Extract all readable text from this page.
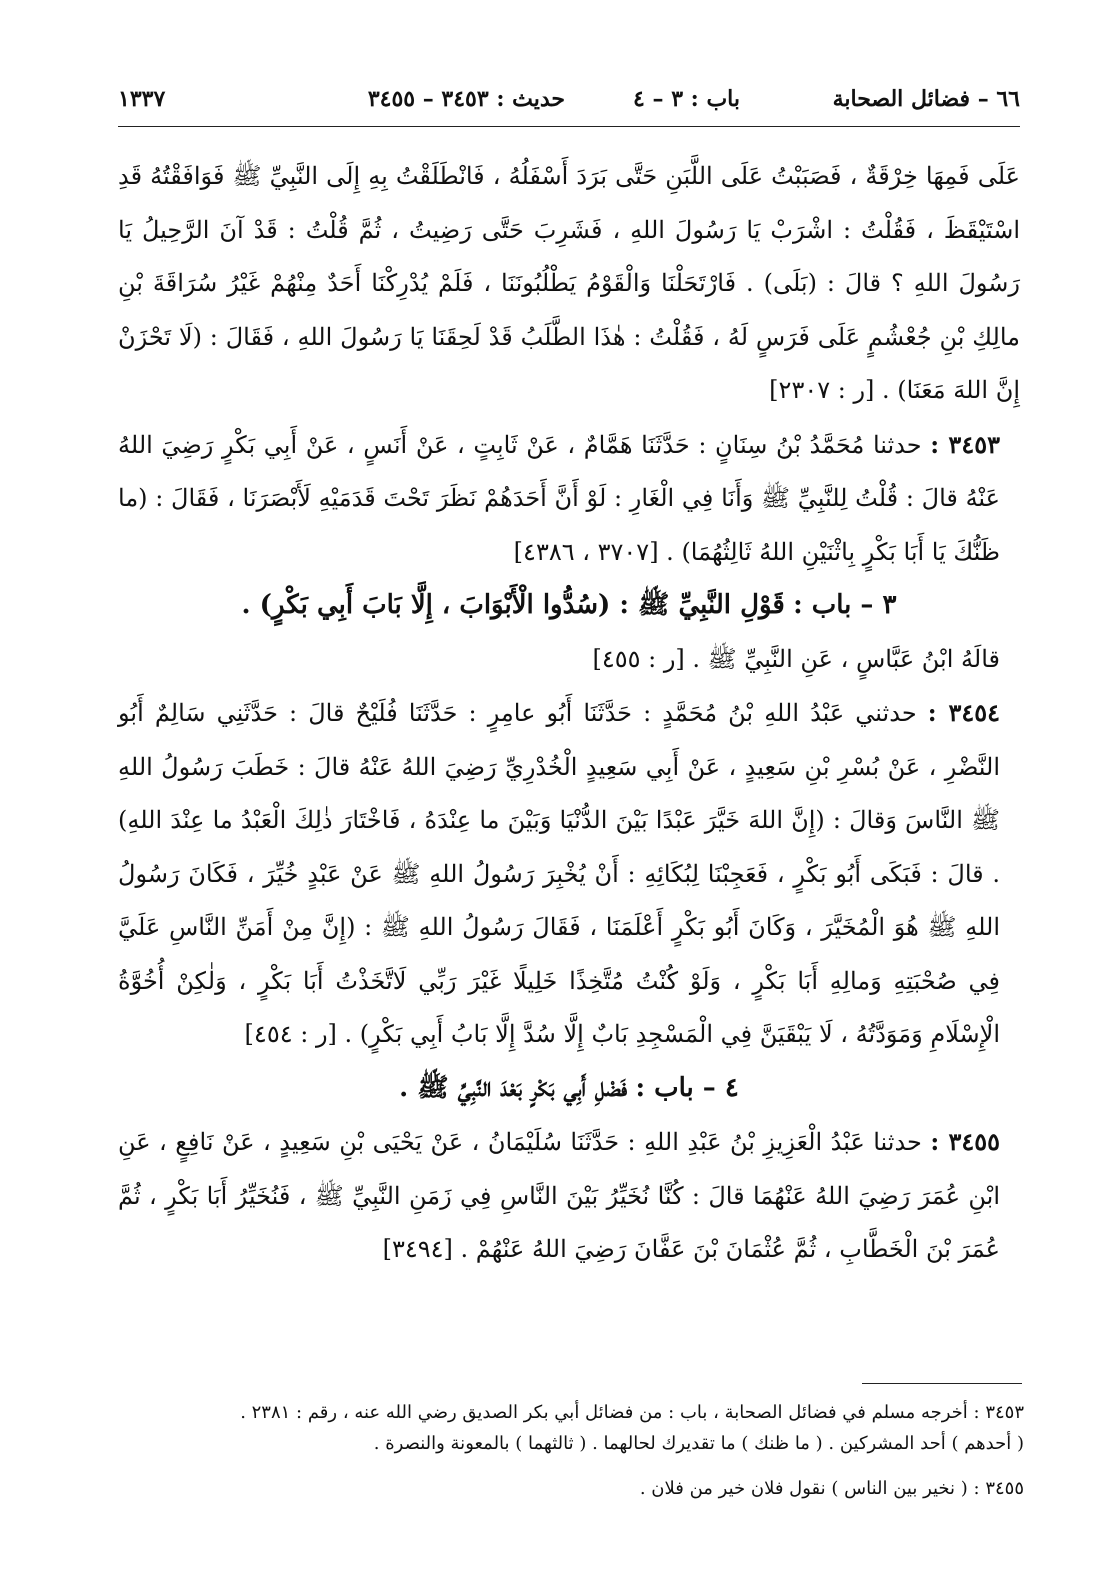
٦٦ – فضائل الصحابة
باب : ٣ – ٤
حديث : ٣٤٥٣ – ٣٤٥٥
١٣٣٧

عَلَى فَمِهَا خِرْقَةٌ ، فَصَبَبْتُ عَلَى اللَّبَنِ حَتَّى بَرَدَ أَسْفَلُهُ ، فَانْطَلَقْتُ بِهِ إِلَى النَّبِيِّ ﷺ فَوَافَقْتُهُ قَدِ اسْتَيْقَظَ ، فَقُلْتُ : اشْرَبْ يَا رَسُولَ اللهِ ، فَشَرِبَ حَتَّى رَضِيتُ ، ثُمَّ قُلْتُ : قَدْ آنَ الرَّحِيلُ يَا رَسُولَ اللهِ ؟ قالَ : (بَلَى) . فَارْتَحَلْنَا وَالْقَوْمُ يَطْلُبُونَنَا ، فَلَمْ يُدْرِكْنَا أَحَدٌ مِنْهُمْ غَيْرُ سُرَاقَةَ بْنِ مالِكِ بْنِ جُعْشُمٍ عَلَى فَرَسٍ لَهُ ، فَقُلْتُ : هٰذَا الطَّلَبُ قَدْ لَحِقَنَا يَا رَسُولَ اللهِ ، فَقَالَ : (لَا تَحْزَنْ إِنَّ اللهَ مَعَنَا) . [ر : ٢٣٠٧]

٣٤٥٣ : حدثنا مُحَمَّدُ بْنُ سِنَانٍ : حَدَّثَنَا هَمَّامٌ ، عَنْ ثَابِتٍ ، عَنْ أَنَسٍ ، عَنْ أَبِي بَكْرٍ رَضِيَ اللهُ عَنْهُ قالَ : قُلْتُ لِلنَّبِيِّ ﷺ وَأَنَا فِي الْغَارِ : لَوْ أَنَّ أَحَدَهُمْ نَظَرَ تَحْتَ قَدَمَيْهِ لَأَبْصَرَنَا ، فَقَالَ : (ما ظَنُّكَ يَا أَبَا بَكْرٍ بِاثْنَيْنِ اللهُ ثَالِثُهُمَا) . [٣٧٠٧ ، ٤٣٨٦]

٣ – باب : قَوْلِ النَّبِيِّ ﷺ : (سُدُّوا الْأَبْوَابَ ، إِلَّا بَابَ أَبِي بَكْرٍ) .

قالَهُ ابْنُ عَبَّاسٍ ، عَنِ النَّبِيِّ ﷺ . [ر : ٤٥٥]

٣٤٥٤ : حدثني عَبْدُ اللهِ بْنُ مُحَمَّدٍ : حَدَّثَنَا أَبُو عامِرٍ : حَدَّثَنَا فُلَيْحٌ قالَ : حَدَّثَنِي سَالِمٌ أَبُو النَّضْرِ ، عَنْ بُسْرِ بْنِ سَعِيدٍ ، عَنْ أَبِي سَعِيدٍ الْخُدْرِيِّ رَضِيَ اللهُ عَنْهُ قالَ : خَطَبَ رَسُولُ اللهِ ﷺ النَّاسَ وَقالَ : (إِنَّ اللهَ خَيَّرَ عَبْدًا بَيْنَ الدُّنْيَا وَبَيْنَ ما عِنْدَهُ ، فَاخْتَارَ ذٰلِكَ الْعَبْدُ ما عِنْدَ اللهِ) . قالَ : فَبَكَى أَبُو بَكْرٍ ، فَعَجِبْنَا لِبُكَائِهِ : أَنْ يُخْبِرَ رَسُولُ اللهِ ﷺ عَنْ عَبْدٍ خُيِّرَ ، فَكَانَ رَسُولُ اللهِ ﷺ هُوَ الْمُخَيَّرَ ، وَكَانَ أَبُو بَكْرٍ أَعْلَمَنَا ، فَقَالَ رَسُولُ اللهِ ﷺ : (إِنَّ مِنْ أَمَنِّ النَّاسِ عَلَيَّ فِي صُحْبَتِهِ وَمالِهِ أَبَا بَكْرٍ ، وَلَوْ كُنْتُ مُتَّخِذًا خَلِيلًا غَيْرَ رَبِّي لَاتَّخَذْتُ أَبَا بَكْرٍ ، وَلٰكِنْ أُخُوَّةُ الْإِسْلَامِ وَمَوَدَّتُهُ ، لَا يَبْقَيَنَّ فِي الْمَسْجِدِ بَابٌ إِلَّا سُدَّ إِلَّا بَابُ أَبِي بَكْرٍ) . [ر : ٤٥٤]

٤ – باب : فَضْلِ أَبِي بَكْرٍ بَعْدَ النَّبِيِّ ﷺ .

٣٤٥٥ : حدثنا عَبْدُ الْعَزِيزِ بْنُ عَبْدِ اللهِ : حَدَّثَنَا سُلَيْمَانُ ، عَنْ يَحْيَى بْنِ سَعِيدٍ ، عَنْ نَافِعٍ ، عَنِ ابْنِ عُمَرَ رَضِيَ اللهُ عَنْهُمَا قالَ : كُنَّا نُخَيِّرُ بَيْنَ النَّاسِ فِي زَمَنِ النَّبِيِّ ﷺ ، فَنُخَيِّرُ أَبَا بَكْرٍ ، ثُمَّ عُمَرَ بْنَ الْخَطَّابِ ، ثُمَّ عُثْمَانَ بْنَ عَفَّانَ رَضِيَ اللهُ عَنْهُمْ . [٣٤٩٤]

٣٤٥٣ : أخرجه مسلم في فضائل الصحابة ، باب : من فضائل أبي بكر الصديق رضي الله عنه ، رقم : ٢٣٨١ .

( أحدهم ) أحد المشركين . ( ما ظنك ) ما تقديرك لحالهما . ( ثالثهما ) بالمعونة والنصرة .

٣٤٥٥ : ( نخير بين الناس ) نقول فلان خير من فلان .
